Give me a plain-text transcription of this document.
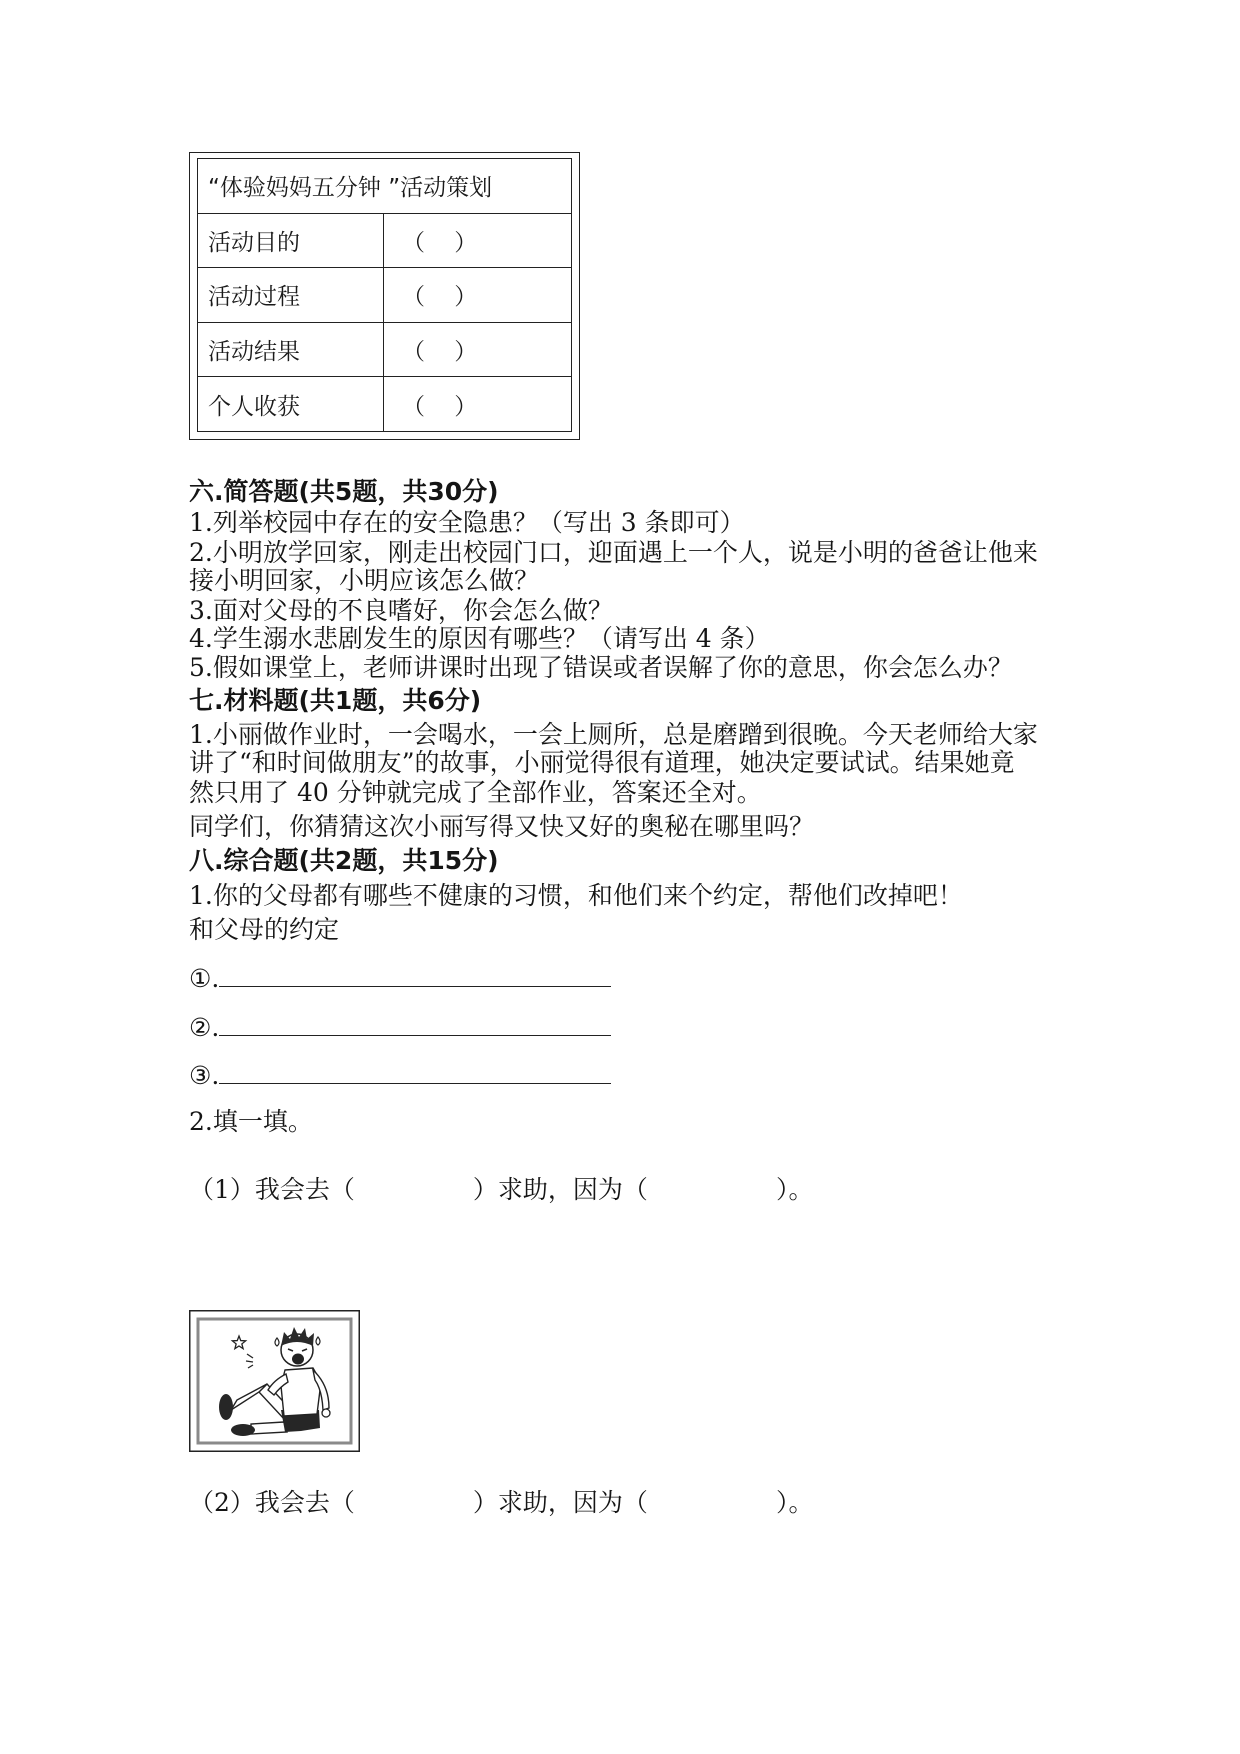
“体验妈妈五分钟 ”活动策划	
活动目的	（    ）
活动过程	（    ）
活动结果	（    ）
个人收获	（    ）
六.简答题(共5题，共30分)
1.列举校园中存在的安全隐患？（写出 3 条即可）
2.小明放学回家，刚走出校园门口，迎面遇上一个人，说是小明的爸爸让他来
接小明回家，小明应该怎么做？
3.面对父母的不良嗜好，你会怎么做？
4.学生溺水悲剧发生的原因有哪些？（请写出 4 条）
5.假如课堂上，老师讲课时出现了错误或者误解了你的意思，你会怎么办？
七.材料题(共1题，共6分)
1.小丽做作业时，一会喝水，一会上厕所，总是磨蹭到很晚。今天老师给大家
讲了“和时间做朋友”的故事，小丽觉得很有道理，她决定要试试。结果她竟
然只用了 40 分钟就完成了全部作业，答案还全对。
同学们，你猜猜这次小丽写得又快又好的奥秘在哪里吗？
八.综合题(共2题，共15分)
1.你的父母都有哪些不健康的习惯，和他们来个约定，帮他们改掉吧！
和父母的约定
①.
②.
③.
2.填一填。
（1）我会去（	）求助，因为（	）。
（2）我会去（	）求助，因为（	）。
